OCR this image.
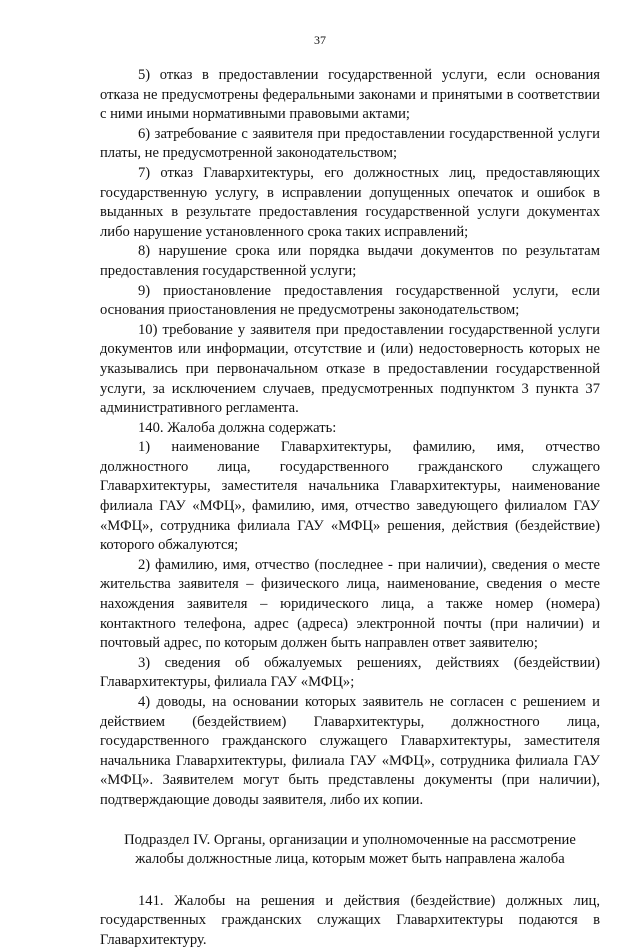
37

5) отказ в предоставлении государственной услуги, если основания отказа не предусмотрены федеральными законами и принятыми в соответствии с ними иными нормативными правовыми актами;

6) затребование с заявителя при предоставлении государственной услуги платы, не предусмотренной законодательством;

7) отказ Главархитектуры, его должностных лиц, предоставляющих государственную услугу, в исправлении допущенных опечаток и ошибок в выданных в результате предоставления государственной услуги документах либо нарушение установленного срока таких исправлений;

8) нарушение срока или порядка выдачи документов по результатам предоставления государственной услуги;

9) приостановление предоставления государственной услуги, если основания приостановления не предусмотрены законодательством;

10) требование у заявителя при предоставлении государственной услуги документов или информации, отсутствие и (или) недостоверность которых не указывались при первоначальном отказе в предоставлении государственной услуги, за исключением случаев, предусмотренных подпунктом 3 пункта 37 административного регламента.

140. Жалоба должна содержать:

1) наименование Главархитектуры, фамилию, имя, отчество должностного лица, государственного гражданского служащего Главархитектуры, заместителя начальника Главархитектуры, наименование филиала ГАУ «МФЦ», фамилию, имя, отчество заведующего филиалом ГАУ «МФЦ», сотрудника филиала ГАУ «МФЦ» решения, действия (бездействие) которого обжалуются;

2) фамилию, имя, отчество (последнее - при наличии), сведения о месте жительства заявителя – физического лица, наименование, сведения о месте нахождения заявителя – юридического лица, а также номер (номера) контактного телефона, адрес (адреса) электронной почты (при наличии) и почтовый адрес, по которым должен быть направлен ответ заявителю;

3) сведения об обжалуемых решениях, действиях (бездействии) Главархитектуры, филиала ГАУ «МФЦ»;

4) доводы, на основании которых заявитель не согласен с решением и действием (бездействием) Главархитектуры, должностного лица, государственного гражданского служащего Главархитектуры, заместителя начальника Главархитектуры, филиала ГАУ «МФЦ», сотрудника филиала ГАУ «МФЦ». Заявителем могут быть представлены документы (при наличии), подтверждающие доводы заявителя, либо их копии.

Подраздел IV. Органы, организации и уполномоченные на рассмотрение
жалобы должностные лица, которым может быть направлена жалоба

141. Жалобы на решения и действия (бездействие) должных лиц, государственных гражданских служащих Главархитектуры подаются в Главархитектуру.
